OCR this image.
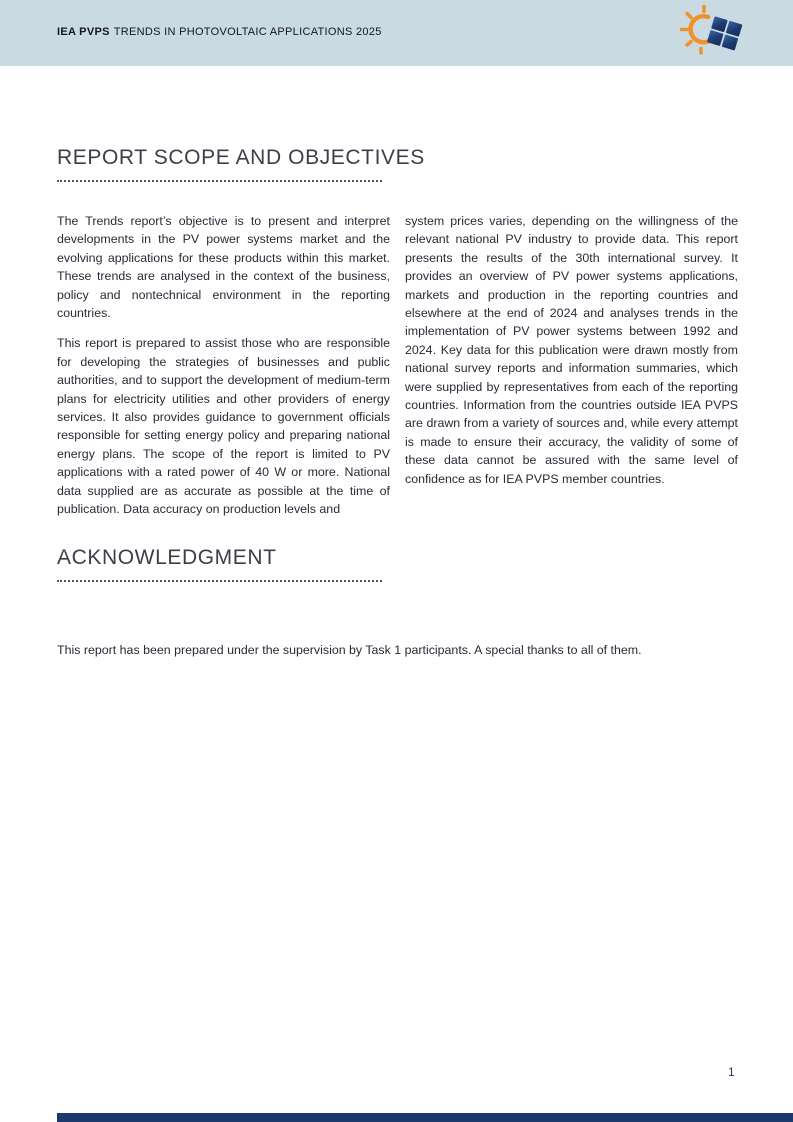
IEA PVPS TRENDS IN PHOTOVOLTAIC APPLICATIONS 2025
REPORT SCOPE AND OBJECTIVES

The Trends report’s objective is to present and interpret developments in the PV power systems market and the evolving applications for these products within this market. These trends are analysed in the context of the business, policy and nontechnical environment in the reporting countries.

This report is prepared to assist those who are responsible for developing the strategies of businesses and public authorities, and to support the development of medium-term plans for electricity utilities and other providers of energy services. It also provides guidance to government officials responsible for setting energy policy and preparing national energy plans. The scope of the report is limited to PV applications with a rated power of 40 W or more. National data supplied are as accurate as possible at the time of publication. Data accuracy on production levels and

system prices varies, depending on the willingness of the relevant national PV industry to provide data. This report presents the results of the 30th international survey. It provides an overview of PV power systems applications, markets and production in the reporting countries and elsewhere at the end of 2024 and analyses trends in the implementation of PV power systems between 1992 and 2024. Key data for this publication were drawn mostly from national survey reports and information summaries, which were supplied by representatives from each of the reporting countries. Information from the countries outside IEA PVPS are drawn from a variety of sources and, while every attempt is made to ensure their accuracy, the validity of some of these data cannot be assured with the same level of confidence as for IEA PVPS member countries.

ACKNOWLEDGMENT

This report has been prepared under the supervision by Task 1 participants. A special thanks to all of them.

1
